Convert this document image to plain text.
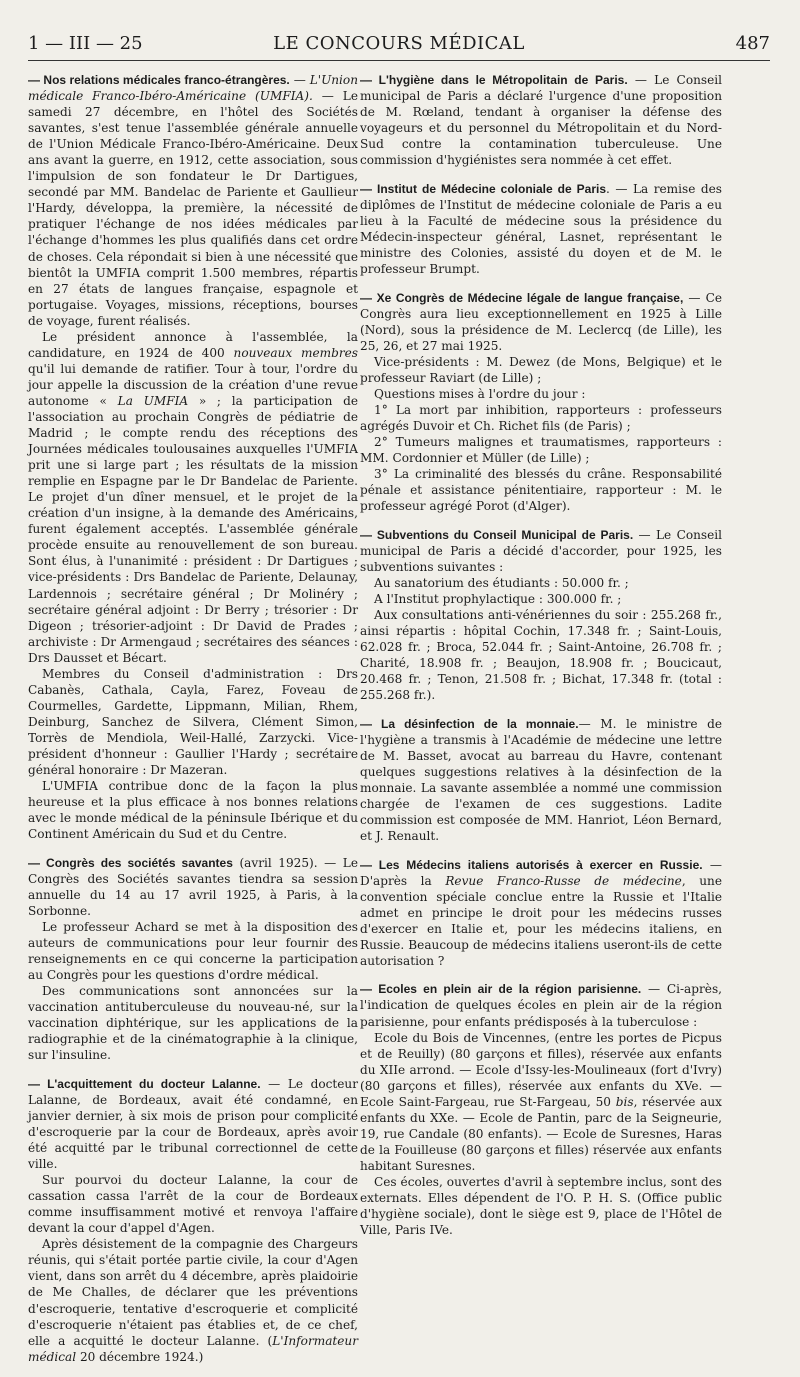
1 — III — 25	LE CONCOURS MÉDICAL	487

— Nos relations médicales franco-étrangères. — L'Union médicale Franco-Ibéro-Américaine (UMFIA). — Le samedi 27 décembre, en l'hôtel des Sociétés savantes, s'est tenue l'assemblée générale annuelle de l'Union Médicale Franco-Ibéro-Américaine. Deux ans avant la guerre, en 1912, cette association, sous l'impulsion de son fondateur le Dr Dartigues, secondé par MM. Bandelac de Pariente et Gaullieur l'Hardy, développa, la première, la nécessité de pratiquer l'échange de nos idées médicales par l'échange d'hommes les plus qualifiés dans cet ordre de choses. Cela répondait si bien à une nécessité que bientôt la UMFIA comprit 1.500 membres, répartis en 27 états de langues française, espagnole et portugaise. Voyages, missions, réceptions, bourses de voyage, furent réalisés.

Le président annonce à l'assemblée, la candidature, en 1924 de 400 nouveaux membres qu'il lui demande de ratifier. Tour à tour, l'ordre du jour appelle la discussion de la création d'une revue autonome « La UMFIA » ; la participation de l'association au prochain Congrès de pédiatrie de Madrid ; le compte rendu des réceptions des Journées médicales toulousaines auxquelles l'UMFIA prit une si large part ; les résultats de la mission remplie en Espagne par le Dr Bandelac de Pariente. Le projet d'un dîner mensuel, et le projet de la création d'un insigne, à la demande des Américains, furent également acceptés. L'assemblée générale procède ensuite au renouvellement de son bureau. Sont élus, à l'unanimité : président : Dr Dartigues ; vice-présidents : Drs Bandelac de Pariente, Delaunay, Lardennois ; secrétaire général ; Dr Molinéry ; secrétaire général adjoint : Dr Berry ; trésorier : Dr Digeon ; trésorier-adjoint : Dr David de Prades ; archiviste : Dr Armengaud ; secrétaires des séances : Drs Dausset et Bécart.

Membres du Conseil d'administration : Drs Cabanès, Cathala, Cayla, Farez, Foveau de Courmelles, Gardette, Lippmann, Milian, Rhem, Deinburg, Sanchez de Silvera, Clément Simon, Torrès de Mendiola, Weil-Hallé, Zarzycki. Vice-président d'honneur : Gaullier l'Hardy ; secrétaire général honoraire : Dr Mazeran.

L'UMFIA contribue donc de la façon la plus heureuse et la plus efficace à nos bonnes relations avec le monde médical de la péninsule Ibérique et du Continent Américain du Sud et du Centre.

— Congrès des sociétés savantes (avril 1925). — Le Congrès des Sociétés savantes tiendra sa session annuelle du 14 au 17 avril 1925, à Paris, à la Sorbonne.

Le professeur Achard se met à la disposition des auteurs de communications pour leur fournir des renseignements en ce qui concerne la participation au Congrès pour les questions d'ordre médical.

Des communications sont annoncées sur la vaccination antituberculeuse du nouveau-né, sur la vaccination diphtérique, sur les applications de la radiographie et de la cinématographie à la clinique, sur l'insuline.

— L'acquittement du docteur Lalanne. — Le docteur Lalanne, de Bordeaux, avait été condamné, en janvier dernier, à six mois de prison pour complicité d'escroquerie par la cour de Bordeaux, après avoir été acquitté par le tribunal correctionnel de cette ville.

Sur pourvoi du docteur Lalanne, la cour de cassation cassa l'arrêt de la cour de Bordeaux comme insuffisamment motivé et renvoya l'affaire devant la cour d'appel d'Agen.

Après désistement de la compagnie des Chargeurs réunis, qui s'était portée partie civile, la cour d'Agen vient, dans son arrêt du 4 décembre, après plaidoirie de Me Challes, de déclarer que les préventions d'escroquerie, tentative d'escroquerie et complicité d'escroquerie n'étaient pas établies et, de ce chef, elle a acquitté le docteur Lalanne. (L'Informateur médical 20 décembre 1924.)

— L'hygiène dans le Métropolitain de Paris. — Le Conseil municipal de Paris a déclaré l'urgence d'une proposition de M. Rœland, tendant à organiser la défense des voyageurs et du personnel du Métropolitain et du Nord-Sud contre la contamination tuberculeuse. Une commission d'hygiénistes sera nommée à cet effet.

— Institut de Médecine coloniale de Paris. — La remise des diplômes de l'Institut de médecine coloniale de Paris a eu lieu à la Faculté de médecine sous la présidence du Médecin-inspecteur général, Lasnet, représentant le ministre des Colonies, assisté du doyen et de M. le professeur Brumpt.

— Xe Congrès de Médecine légale de langue française, — Ce Congrès aura lieu exceptionnellement en 1925 à Lille (Nord), sous la présidence de M. Leclercq (de Lille), les 25, 26, et 27 mai 1925.

Vice-présidents : M. Dewez (de Mons, Belgique) et le professeur Raviart (de Lille) ;

Questions mises à l'ordre du jour :

1° La mort par inhibition, rapporteurs : professeurs agrégés Duvoir et Ch. Richet fils (de Paris) ;

2° Tumeurs malignes et traumatismes, rapporteurs : MM. Cordonnier et Müller (de Lille) ;

3° La criminalité des blessés du crâne. Responsabilité pénale et assistance pénitentiaire, rapporteur : M. le professeur agrégé Porot (d'Alger).

— Subventions du Conseil Municipal de Paris. — Le Conseil municipal de Paris a décidé d'accorder, pour 1925, les subventions suivantes :

Au sanatorium des étudiants : 50.000 fr. ;

A l'Institut prophylactique : 300.000 fr. ;

Aux consultations anti-vénériennes du soir : 255.268 fr., ainsi répartis : hôpital Cochin, 17.348 fr. ; Saint-Louis, 62.028 fr. ; Broca, 52.044 fr. ; Saint-Antoine, 26.708 fr. ; Charité, 18.908 fr. ; Beaujon, 18.908 fr. ; Boucicaut, 20.468 fr. ; Tenon, 21.508 fr. ; Bichat, 17.348 fr. (total : 255.268 fr.).

— La désinfection de la monnaie.— M. le ministre de l'hygiène a transmis à l'Académie de médecine une lettre de M. Basset, avocat au barreau du Havre, contenant quelques suggestions relatives à la désinfection de la monnaie. La savante assemblée a nommé une commission chargée de l'examen de ces suggestions. Ladite commission est composée de MM. Hanriot, Léon Bernard, et J. Renault.

— Les Médecins italiens autorisés à exercer en Russie. — D'après la Revue Franco-Russe de médecine, une convention spéciale conclue entre la Russie et l'Italie admet en principe le droit pour les médecins russes d'exercer en Italie et, pour les médecins italiens, en Russie. Beaucoup de médecins italiens useront-ils de cette autorisation ?

— Ecoles en plein air de la région parisienne. — Ci-après, l'indication de quelques écoles en plein air de la région parisienne, pour enfants prédisposés à la tuberculose :

Ecole du Bois de Vincennes, (entre les portes de Picpus et de Reuilly) (80 garçons et filles), réservée aux enfants du XIIe arrond. — Ecole d'Issy-les-Moulineaux (fort d'Ivry) (80 garçons et filles), réservée aux enfants du XVe. — Ecole Saint-Fargeau, rue St-Fargeau, 50 bis, réservée aux enfants du XXe. — Ecole de Pantin, parc de la Seigneurie, 19, rue Candale (80 enfants). — Ecole de Suresnes, Haras de la Fouilleuse (80 garçons et filles) réservée aux enfants habitant Suresnes.

Ces écoles, ouvertes d'avril à septembre inclus, sont des externats. Elles dépendent de l'O. P. H. S. (Office public d'hygiène sociale), dont le siège est 9, place de l'Hôtel de Ville, Paris IVe.
